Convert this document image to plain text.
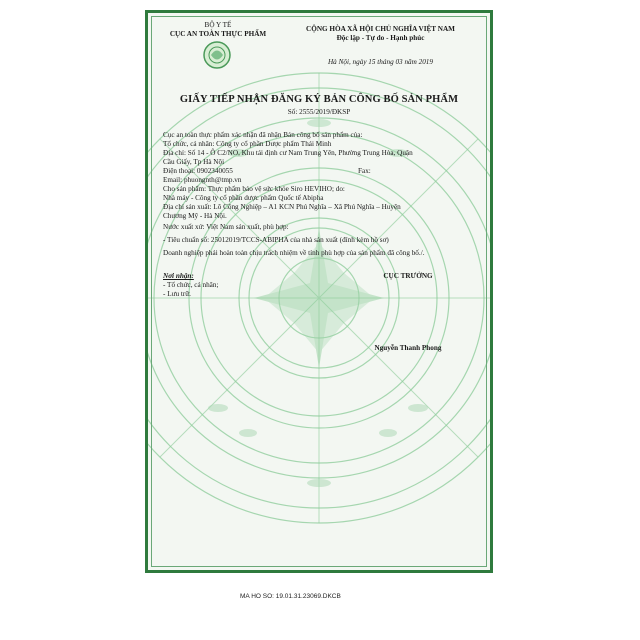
BỘ Y TẾ
CỤC AN TOÀN THỰC PHẨM
CỘNG HÒA XÃ HỘI CHỦ NGHĨA VIỆT NAM
Độc lập - Tự do - Hạnh phúc
Hà Nội, ngày 15 tháng 03 năm 2019
GIẤY TIẾP NHẬN ĐĂNG KÝ BẢN CÔNG BỐ SẢN PHẨM
Số: 2555/2019/ĐKSP
Cục an toàn thực phẩm xác nhận đã nhận Bản công bố sản phẩm của:
Tổ chức, cá nhân: Công ty cổ phần Dược phẩm Thái Minh
Địa chỉ: Số 14 - Ô C2/NO, Khu tái định cư Nam Trung Yên, Phường Trung Hòa, Quận
Cầu Giấy, Tp Hà Nội
Điện thoại: 0902340055	Fax:
Email: phuongnth@tmp.vn
Cho sản phẩm: Thực phẩm bảo vệ sức khỏe Siro HEVIHO; do:
Nhà máy - Công ty cổ phần dược phẩm Quốc tế Abipha
Địa chỉ sản xuất: Lô Công Nghiệp – A1 KCN Phú Nghĩa – Xã Phú Nghĩa – Huyện
Chương Mỹ - Hà Nội.
Nước xuất xứ: Việt Nam sản xuất, phù hợp:
- Tiêu chuẩn số: 25012019/TCCS-ABIPHA của nhà sản xuất (đính kèm hồ sơ)
Doanh nghiệp phải hoàn toàn chịu trách nhiệm về tính phù hợp của sản phẩm đã công bố./.
Nơi nhận:
- Tổ chức, cá nhân;
- Lưu trữ.
CỤC TRƯỞNG
Nguyễn Thanh Phong
MA HO SO: 19.01.31.23069.DKCB
